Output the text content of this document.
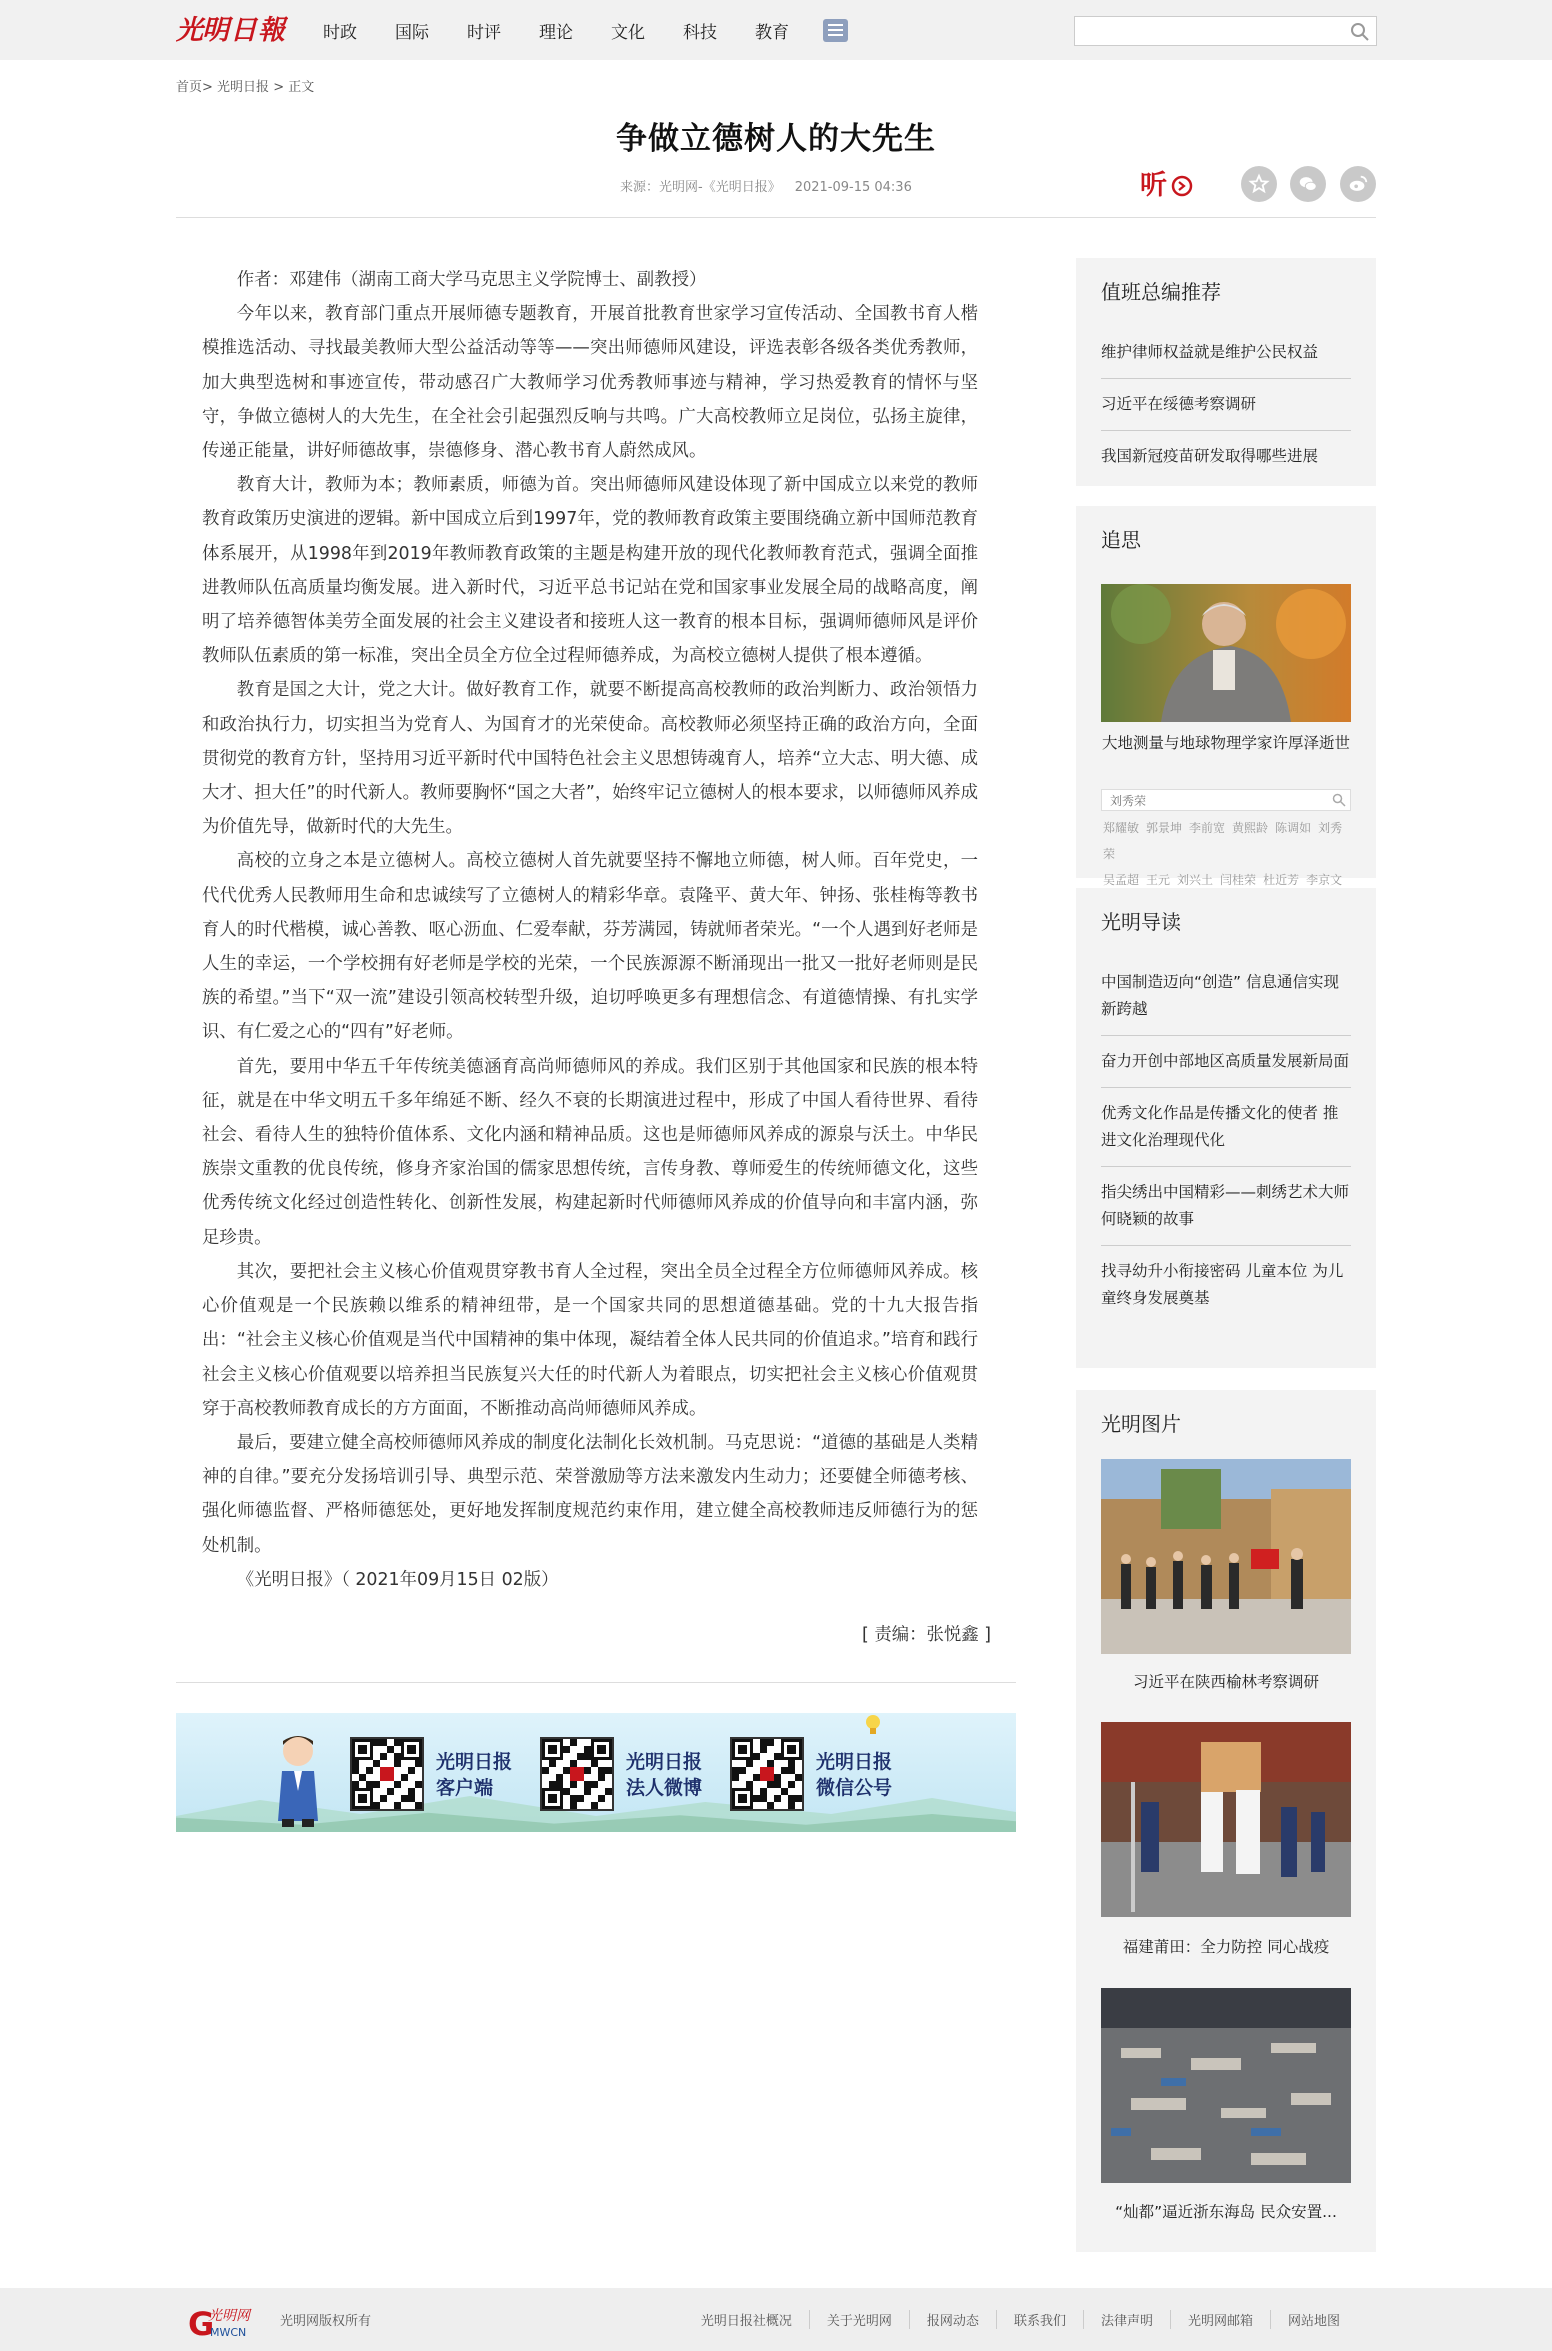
光 明 日 報 时政 国际 时评 理论 文化 科技 教育
首页> 光明日报 > 正文
争做立德树人的大先生
来源：光明网-《光明日报》 2021-09-15 04:36	听

作者：邓建伟（湖南工商大学马克思主义学院博士、副教授）

今年以来，教育部门重点开展师德专题教育，开展首批教育世家学习宣传活动、全国教书育人楷模推选活动、寻找最美教师大型公益活动等等——突出师德师风建设，评选表彰各级各类优秀教师，加大典型选树和事迹宣传，带动感召广大教师学习优秀教师事迹与精神，学习热爱教育的情怀与坚守，争做立德树人的大先生，在全社会引起强烈反响与共鸣。广大高校教师立足岗位，弘扬主旋律，传递正能量，讲好师德故事，崇德修身、潜心教书育人蔚然成风。

教育大计，教师为本；教师素质，师德为首。突出师德师风建设体现了新中国成立以来党的教师教育政策历史演进的逻辑。新中国成立后到1997年，党的教师教育政策主要围绕确立新中国师范教育体系展开，从1998年到2019年教师教育政策的主题是构建开放的现代化教师教育范式，强调全面推进教师队伍高质量均衡发展。进入新时代，习近平总书记站在党和国家事业发展全局的战略高度，阐明了培养德智体美劳全面发展的社会主义建设者和接班人这一教育的根本目标，强调师德师风是评价教师队伍素质的第一标准，突出全员全方位全过程师德养成，为高校立德树人提供了根本遵循。

教育是国之大计，党之大计。做好教育工作，就要不断提高高校教师的政治判断力、政治领悟力和政治执行力，切实担当为党育人、为国育才的光荣使命。高校教师必须坚持正确的政治方向，全面贯彻党的教育方针，坚持用习近平新时代中国特色社会主义思想铸魂育人，培养“立大志、明大德、成大才、担大任”的时代新人。教师要胸怀“国之大者”，始终牢记立德树人的根本要求，以师德师风养成为价值先导，做新时代的大先生。

高校的立身之本是立德树人。高校立德树人首先就要坚持不懈地立师德，树人师。百年党史，一代代优秀人民教师用生命和忠诚续写了立德树人的精彩华章。袁隆平、黄大年、钟扬、张桂梅等教书育人的时代楷模，诚心善教、呕心沥血、仁爱奉献，芬芳满园，铸就师者荣光。“一个人遇到好老师是人生的幸运，一个学校拥有好老师是学校的光荣，一个民族源源不断涌现出一批又一批好老师则是民族的希望。”当下“双一流”建设引领高校转型升级，迫切呼唤更多有理想信念、有道德情操、有扎实学识、有仁爱之心的“四有”好老师。

首先，要用中华五千年传统美德涵育高尚师德师风的养成。我们区别于其他国家和民族的根本特征，就是在中华文明五千多年绵延不断、经久不衰的长期演进过程中，形成了中国人看待世界、看待社会、看待人生的独特价值体系、文化内涵和精神品质。这也是师德师风养成的源泉与沃土。中华民族崇文重教的优良传统，修身齐家治国的儒家思想传统，言传身教、尊师爱生的传统师德文化，这些优秀传统文化经过创造性转化、创新性发展，构建起新时代师德师风养成的价值导向和丰富内涵，弥足珍贵。

其次，要把社会主义核心价值观贯穿教书育人全过程，突出全员全过程全方位师德师风养成。核心价值观是一个民族赖以维系的精神纽带，是一个国家共同的思想道德基础。党的十九大报告指出：“社会主义核心价值观是当代中国精神的集中体现，凝结着全体人民共同的价值追求。”培育和践行社会主义核心价值观要以培养担当民族复兴大任的时代新人为着眼点，切实把社会主义核心价值观贯穿于高校教师教育成长的方方面面，不断推动高尚师德师风养成。

最后，要建立健全高校师德师风养成的制度化法制化长效机制。马克思说：“道德的基础是人类精神的自律。”要充分发扬培训引导、典型示范、荣誉激励等方法来激发内生动力；还要健全师德考核、强化师德监督、严格师德惩处，更好地发挥制度规范约束作用，建立健全高校教师违反师德行为的惩处机制。

《光明日报》（ 2021年09月15日 02版）

[ 责编：张悦鑫 ]
光明日报
客户端
光明日报
法人微博
光明日报
微信公号
值班总编推荐
维护律师权益就是维护公民权益
习近平在绥德考察调研
我国新冠疫苗研发取得哪些进展
追思
大地测量与地球物理学家许厚泽逝世
刘秀荣
郑耀敏 郭景坤 李前宽 黄熙龄 陈调如 刘秀荣
吴孟超 王元 刘兴土 闫桂荣 杜近芳 李京文
光明导读
中国制造迈向“创造” 信息通信实现新跨越
奋力开创中部地区高质量发展新局面
优秀文化作品是传播文化的使者 推进文化治理现代化
指尖绣出中国精彩——刺绣艺术大师何晓颖的故事
找寻幼升小衔接密码 儿童本位 为儿童终身发展奠基
光明图片
习近平在陕西榆林考察调研
福建莆田：全力防控 同心战疫
“灿都”逼近浙东海岛 民众安置...
G
光明网
MWCN
光明网版权所有	光明日报社概况	关于光明网	报网动态	联系我们	法律声明	光明网邮箱	网站地图
